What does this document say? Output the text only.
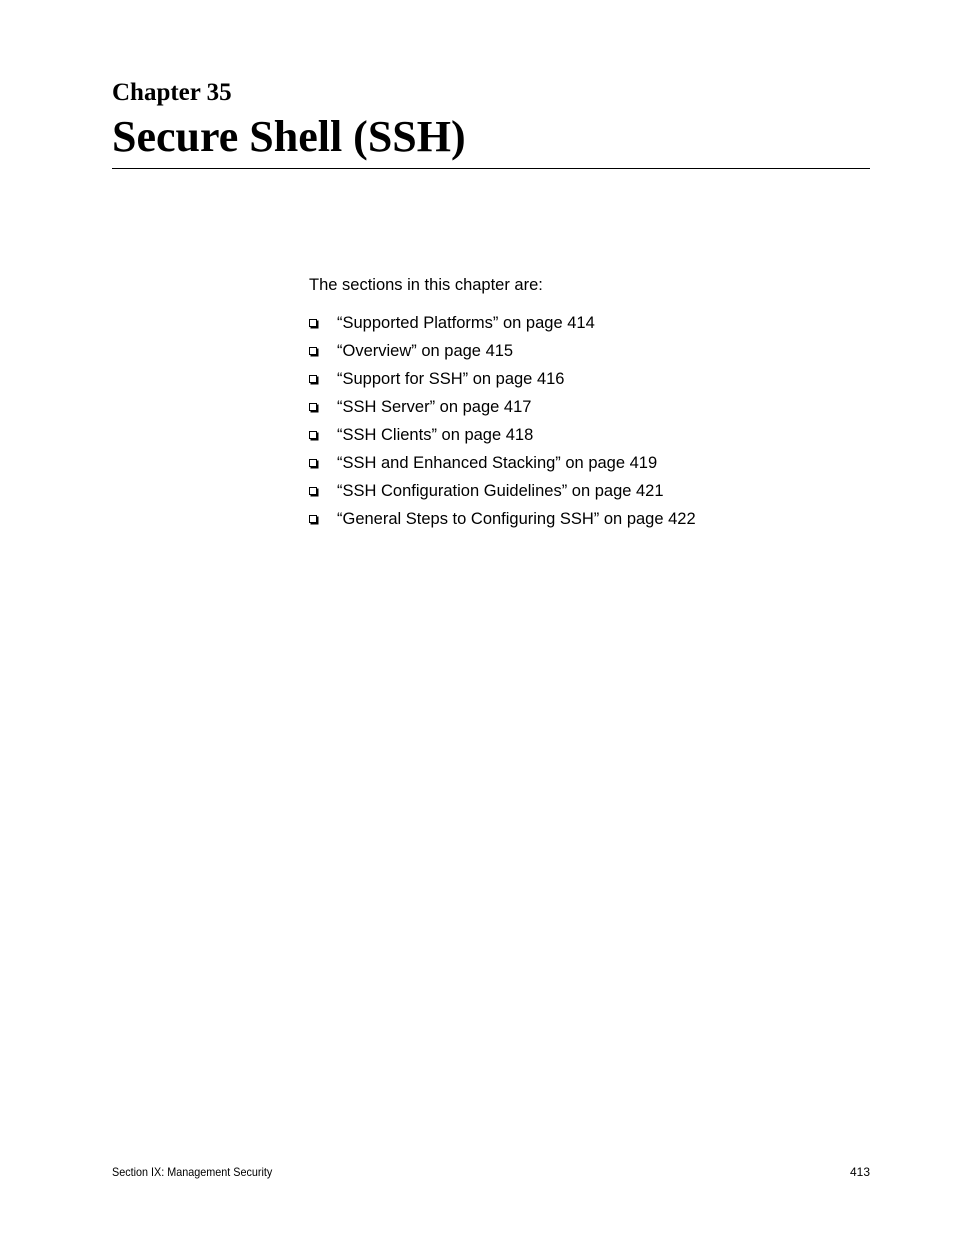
Chapter 35
Secure Shell (SSH)

The sections in this chapter are:

“Supported Platforms” on page 414
“Overview” on page 415
“Support for SSH” on page 416
“SSH Server” on page 417
“SSH Clients” on page 418
“SSH and Enhanced Stacking” on page 419
“SSH Configuration Guidelines” on page 421
“General Steps to Configuring SSH” on page 422
Section IX: Management Security	413
